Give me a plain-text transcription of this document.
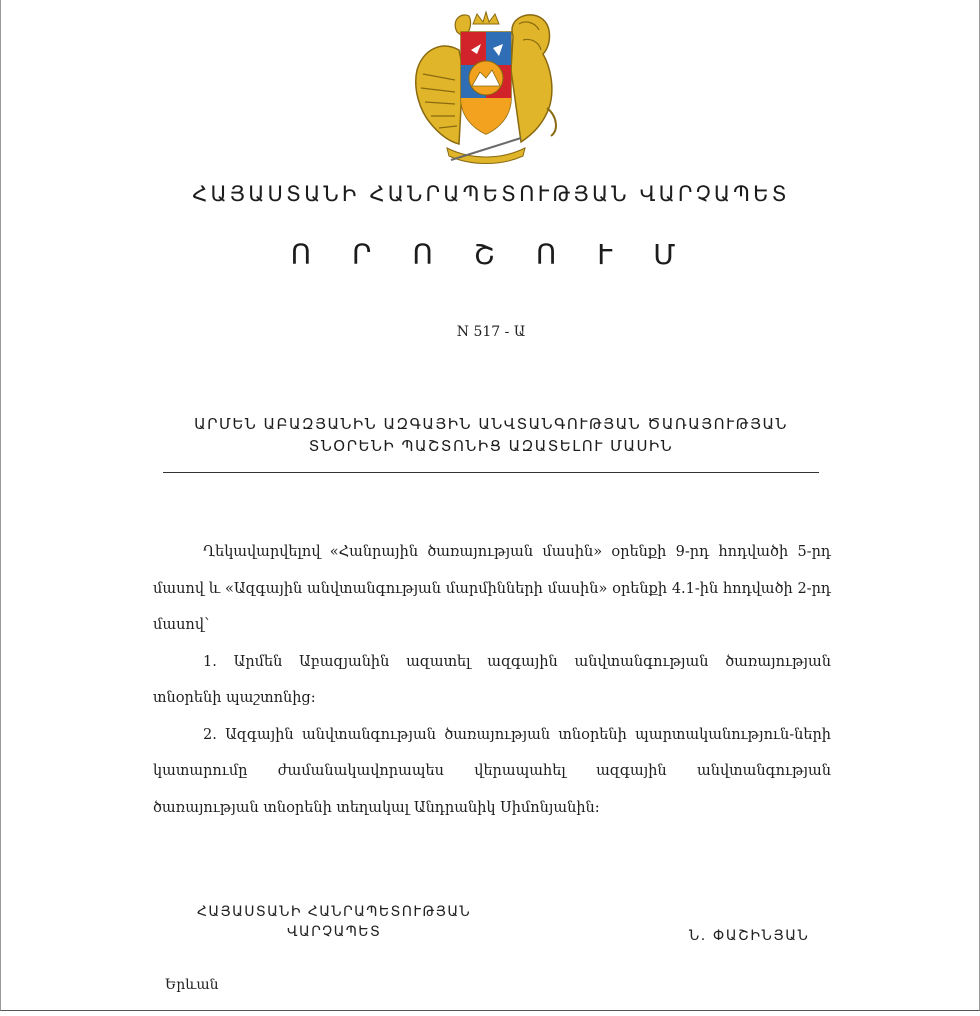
ՀԱՅԱՍՏԱՆԻ ՀԱՆՐԱՊԵՏՈՒԹՅԱՆ ՎԱՐՉԱՊԵՏ
Ո Ր Ո Շ Ո Ւ Մ
N 517 - Ա
ԱՐՄԵՆ ԱԲԱԶՅԱՆԻՆ ԱԶԳԱՅԻՆ ԱՆՎՏԱՆԳՈՒԹՅԱՆ ԾԱՌԱՅՈՒԹՅԱՆ
ՏՆՕՐԵՆԻ ՊԱՇՏՈՆԻՑ ԱԶԱՏԵԼՈՒ ՄԱՍԻՆ

Ղեկավարվելով «Հանրային ծառայության մասին» օրենքի 9-րդ հոդվածի 5-րդ մասով և «Ազգային անվտանգության մարմինների մասին» օրենքի 4.1-ին հոդվածի 2-րդ մասով՝

1. Արմեն Աբազյանին ազատել ազգային անվտանգության ծառայության տնօրենի պաշտոնից:

2. Ազգային անվտանգության ծառայության տնօրենի պարտականություն-ների կատարումը ժամանակավորապես վերապահել ազգային անվտանգության ծառայության տնօրենի տեղակալ Անդրանիկ Սիմոնյանին:

ՀԱՅԱՍՏԱՆԻ ՀԱՆՐԱՊԵՏՈՒԹՅԱՆ
ՎԱՐՉԱՊԵՏ	Ն. ՓԱՇԻՆՅԱՆ
Երևան
